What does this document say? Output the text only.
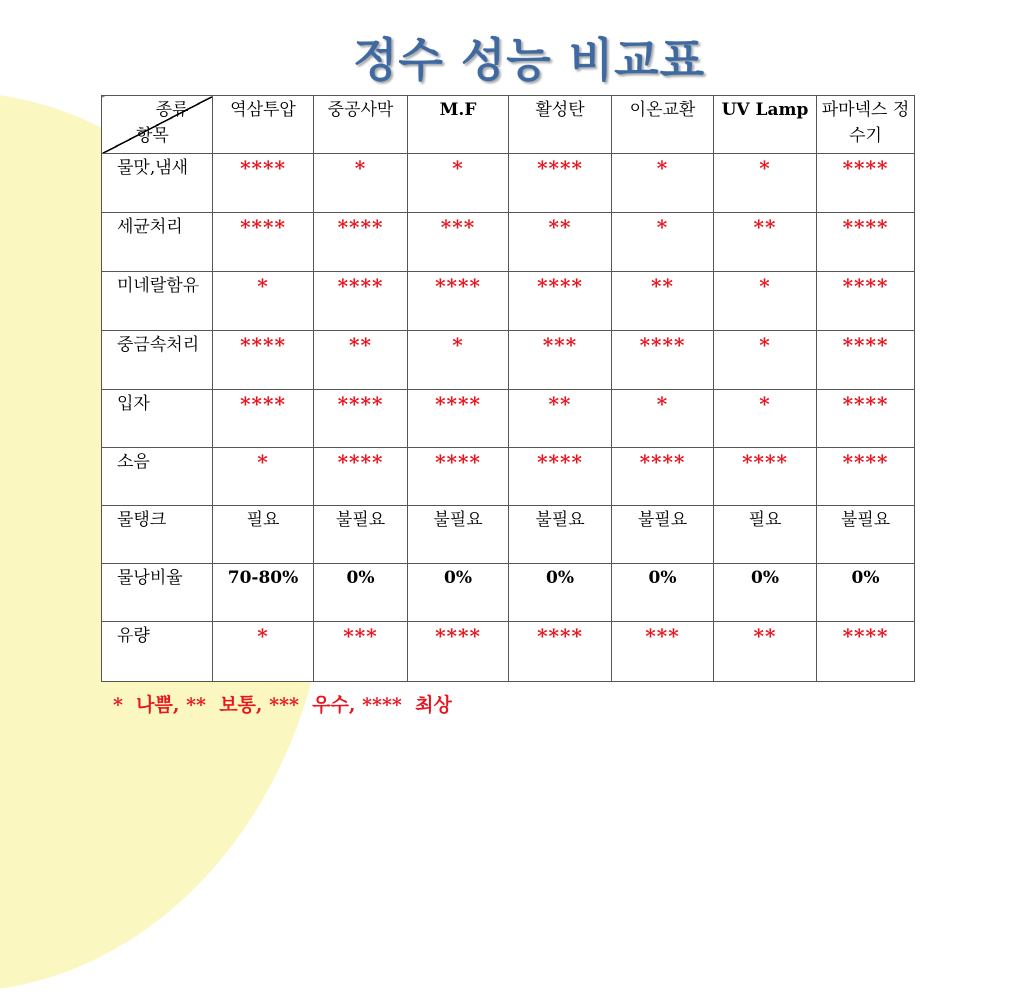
정수 성능 비교표
종류
항목	역삼투압	중공사막	M.F	활성탄	이온교환	UV Lamp	파마넥스 정수기
물맛,냄새	****	*	*	****	*	*	****
세균처리	****	****	***	**	*	**	****
미네랄함유	*	****	****	****	**	*	****
중금속처리	****	**	*	***	****	*	****
입자	****	****	****	**	*	*	****
소음	*	****	****	****	****	****	****
물탱크	필요	불필요	불필요	불필요	불필요	필요	불필요
물낭비율	70-80%	0%	0%	0%	0%	0%	0%
유량	*	***	****	****	***	**	****
*  나쁨, **  보통, ***  우수, ****  최상
